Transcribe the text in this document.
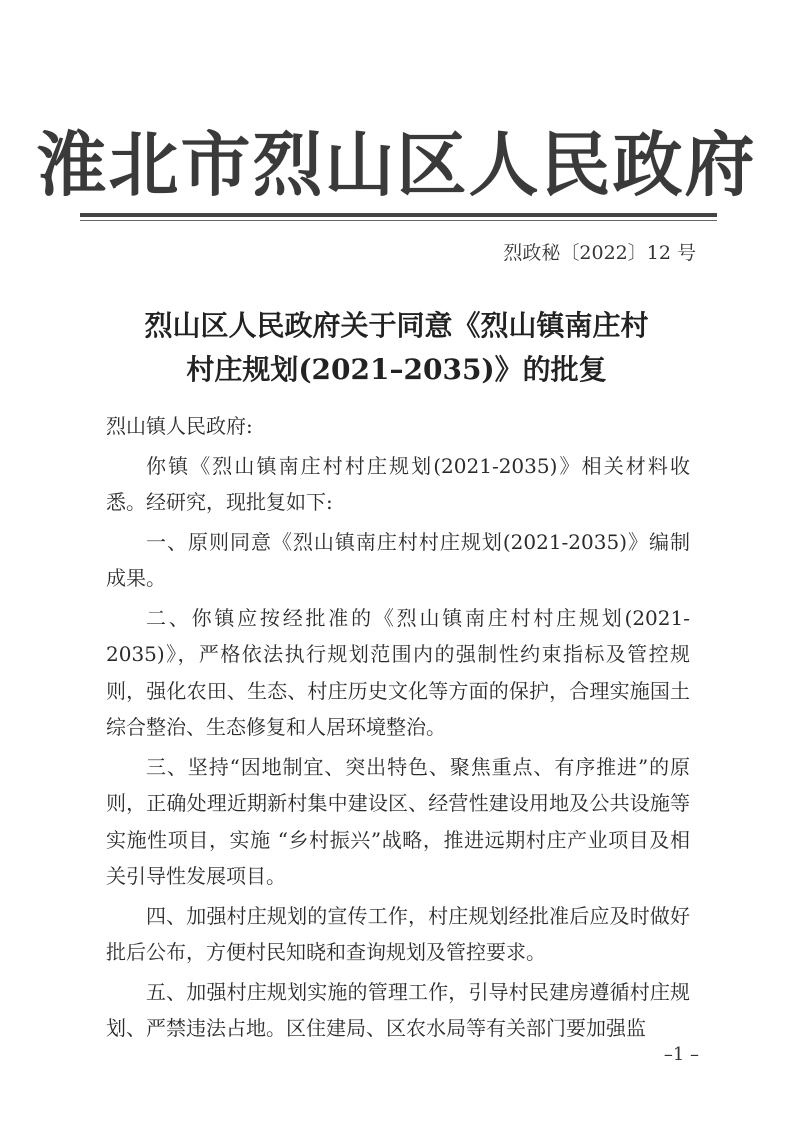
淮北市烈山区人民政府
烈政秘〔2022〕12 号
烈山区人民政府关于同意《烈山镇南庄村
村庄规划(2021–2035)》的批复

烈山镇人民政府:

你镇《烈山镇南庄村村庄规划(2021-2035)》相关材料收悉。经研究，现批复如下:

一、原则同意《烈山镇南庄村村庄规划(2021-2035)》编制成果。

二、你镇应按经批准的《烈山镇南庄村村庄规划(2021-2035)》，严格依法执行规划范围内的强制性约束指标及管控规则，强化农田、生态、村庄历史文化等方面的保护，合理实施国土综合整治、生态修复和人居环境整治。

三、坚持“因地制宜、突出特色、聚焦重点、有序推进”的原则，正确处理近期新村集中建设区、经营性建设用地及公共设施等实施性项目，实施 “乡村振兴”战略，推进远期村庄产业项目及相关引导性发展项目。

四、加强村庄规划的宣传工作，村庄规划经批准后应及时做好批后公布，方便村民知晓和查询规划及管控要求。

五、加强村庄规划实施的管理工作，引导村民建房遵循村庄规划、严禁违法占地。区住建局、区农水局等有关部门要加强监

–1 –
